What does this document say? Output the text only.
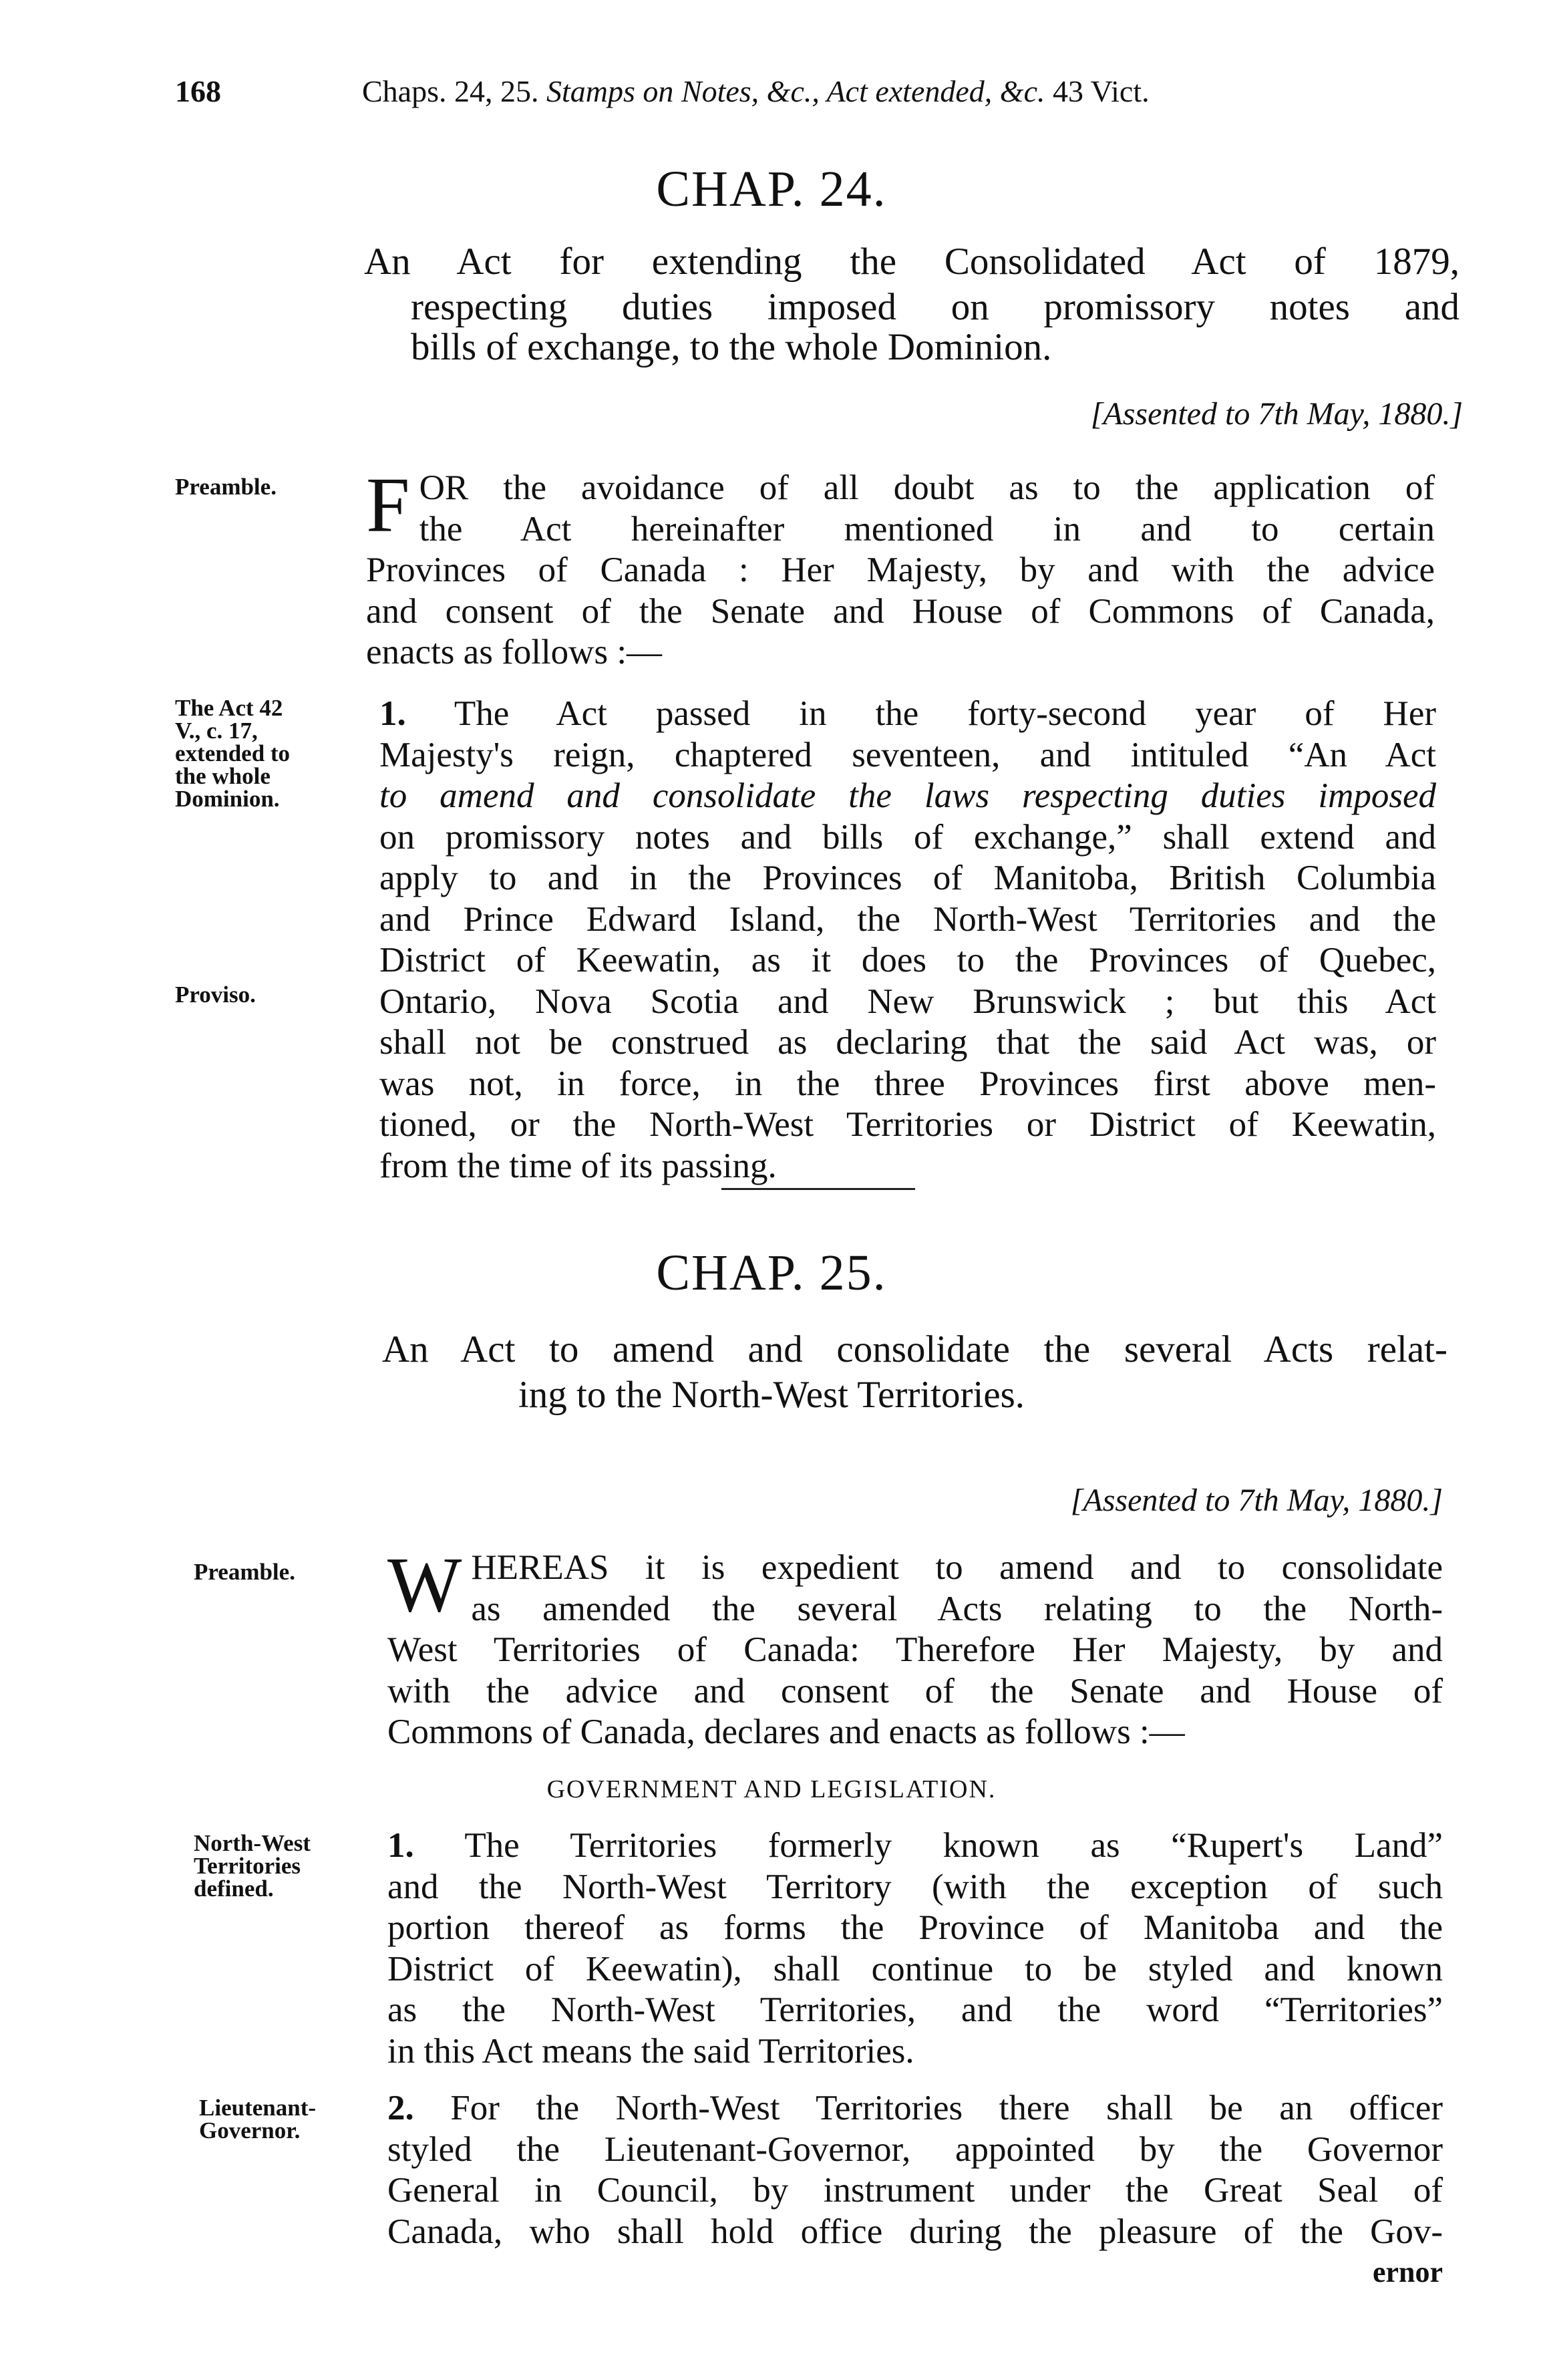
168	Chaps. 24, 25. Stamps on Notes, &c., Act extended, &c. 43 Vict.
CHAP. 24.
An Act for extending the Consolidated Act of 1879,
respecting duties imposed on promissory notes and
bills of exchange, to the whole Dominion.
[Assented to 7th May, 1880.]
Preamble. F OR the avoidance of all doubt as to the application of
the Act hereinafter mentioned in and to certain
Provinces of Canada : Her Majesty, by and with the advice
and consent of the Senate and House of Commons of Canada,
enacts as follows :—
The Act 42
V., c. 17,
extended to
the whole
Dominion.
Proviso.
1. The Act passed in the forty-second year of Her
Majesty's reign, chaptered seventeen, and intituled “An Act
to amend and consolidate the laws respecting duties imposed
on promissory notes and bills of exchange,” shall extend and
apply to and in the Provinces of Manitoba, British Columbia
and Prince Edward Island, the North-West Territories and the
District of Keewatin, as it does to the Provinces of Quebec,
Ontario, Nova Scotia and New Brunswick ; but this Act
shall not be construed as declaring that the said Act was, or
was not, in force, in the three Provinces first above men-
tioned, or the North-West Territories or District of Keewatin,
from the time of its passing.
CHAP. 25.
An Act to amend and consolidate the several Acts relat-
ing to the North-West Territories.
[Assented to 7th May, 1880.]
Preamble. W HEREAS it is expedient to amend and to consolidate
as amended the several Acts relating to the North-
West Territories of Canada: Therefore Her Majesty, by and
with the advice and consent of the Senate and House of
Commons of Canada, declares and enacts as follows :—
GOVERNMENT AND LEGISLATION.
North-West
Territories
defined.
1. The Territories formerly known as “Rupert's Land”
and the North-West Territory (with the exception of such
portion thereof as forms the Province of Manitoba and the
District of Keewatin), shall continue to be styled and known
as the North-West Territories, and the word “Territories”
in this Act means the said Territories.
Lieutenant-
Governor.
2. For the North-West Territories there shall be an officer
styled the Lieutenant-Governor, appointed by the Governor
General in Council, by instrument under the Great Seal of
Canada, who shall hold office during the pleasure of the Gov-
ernor
